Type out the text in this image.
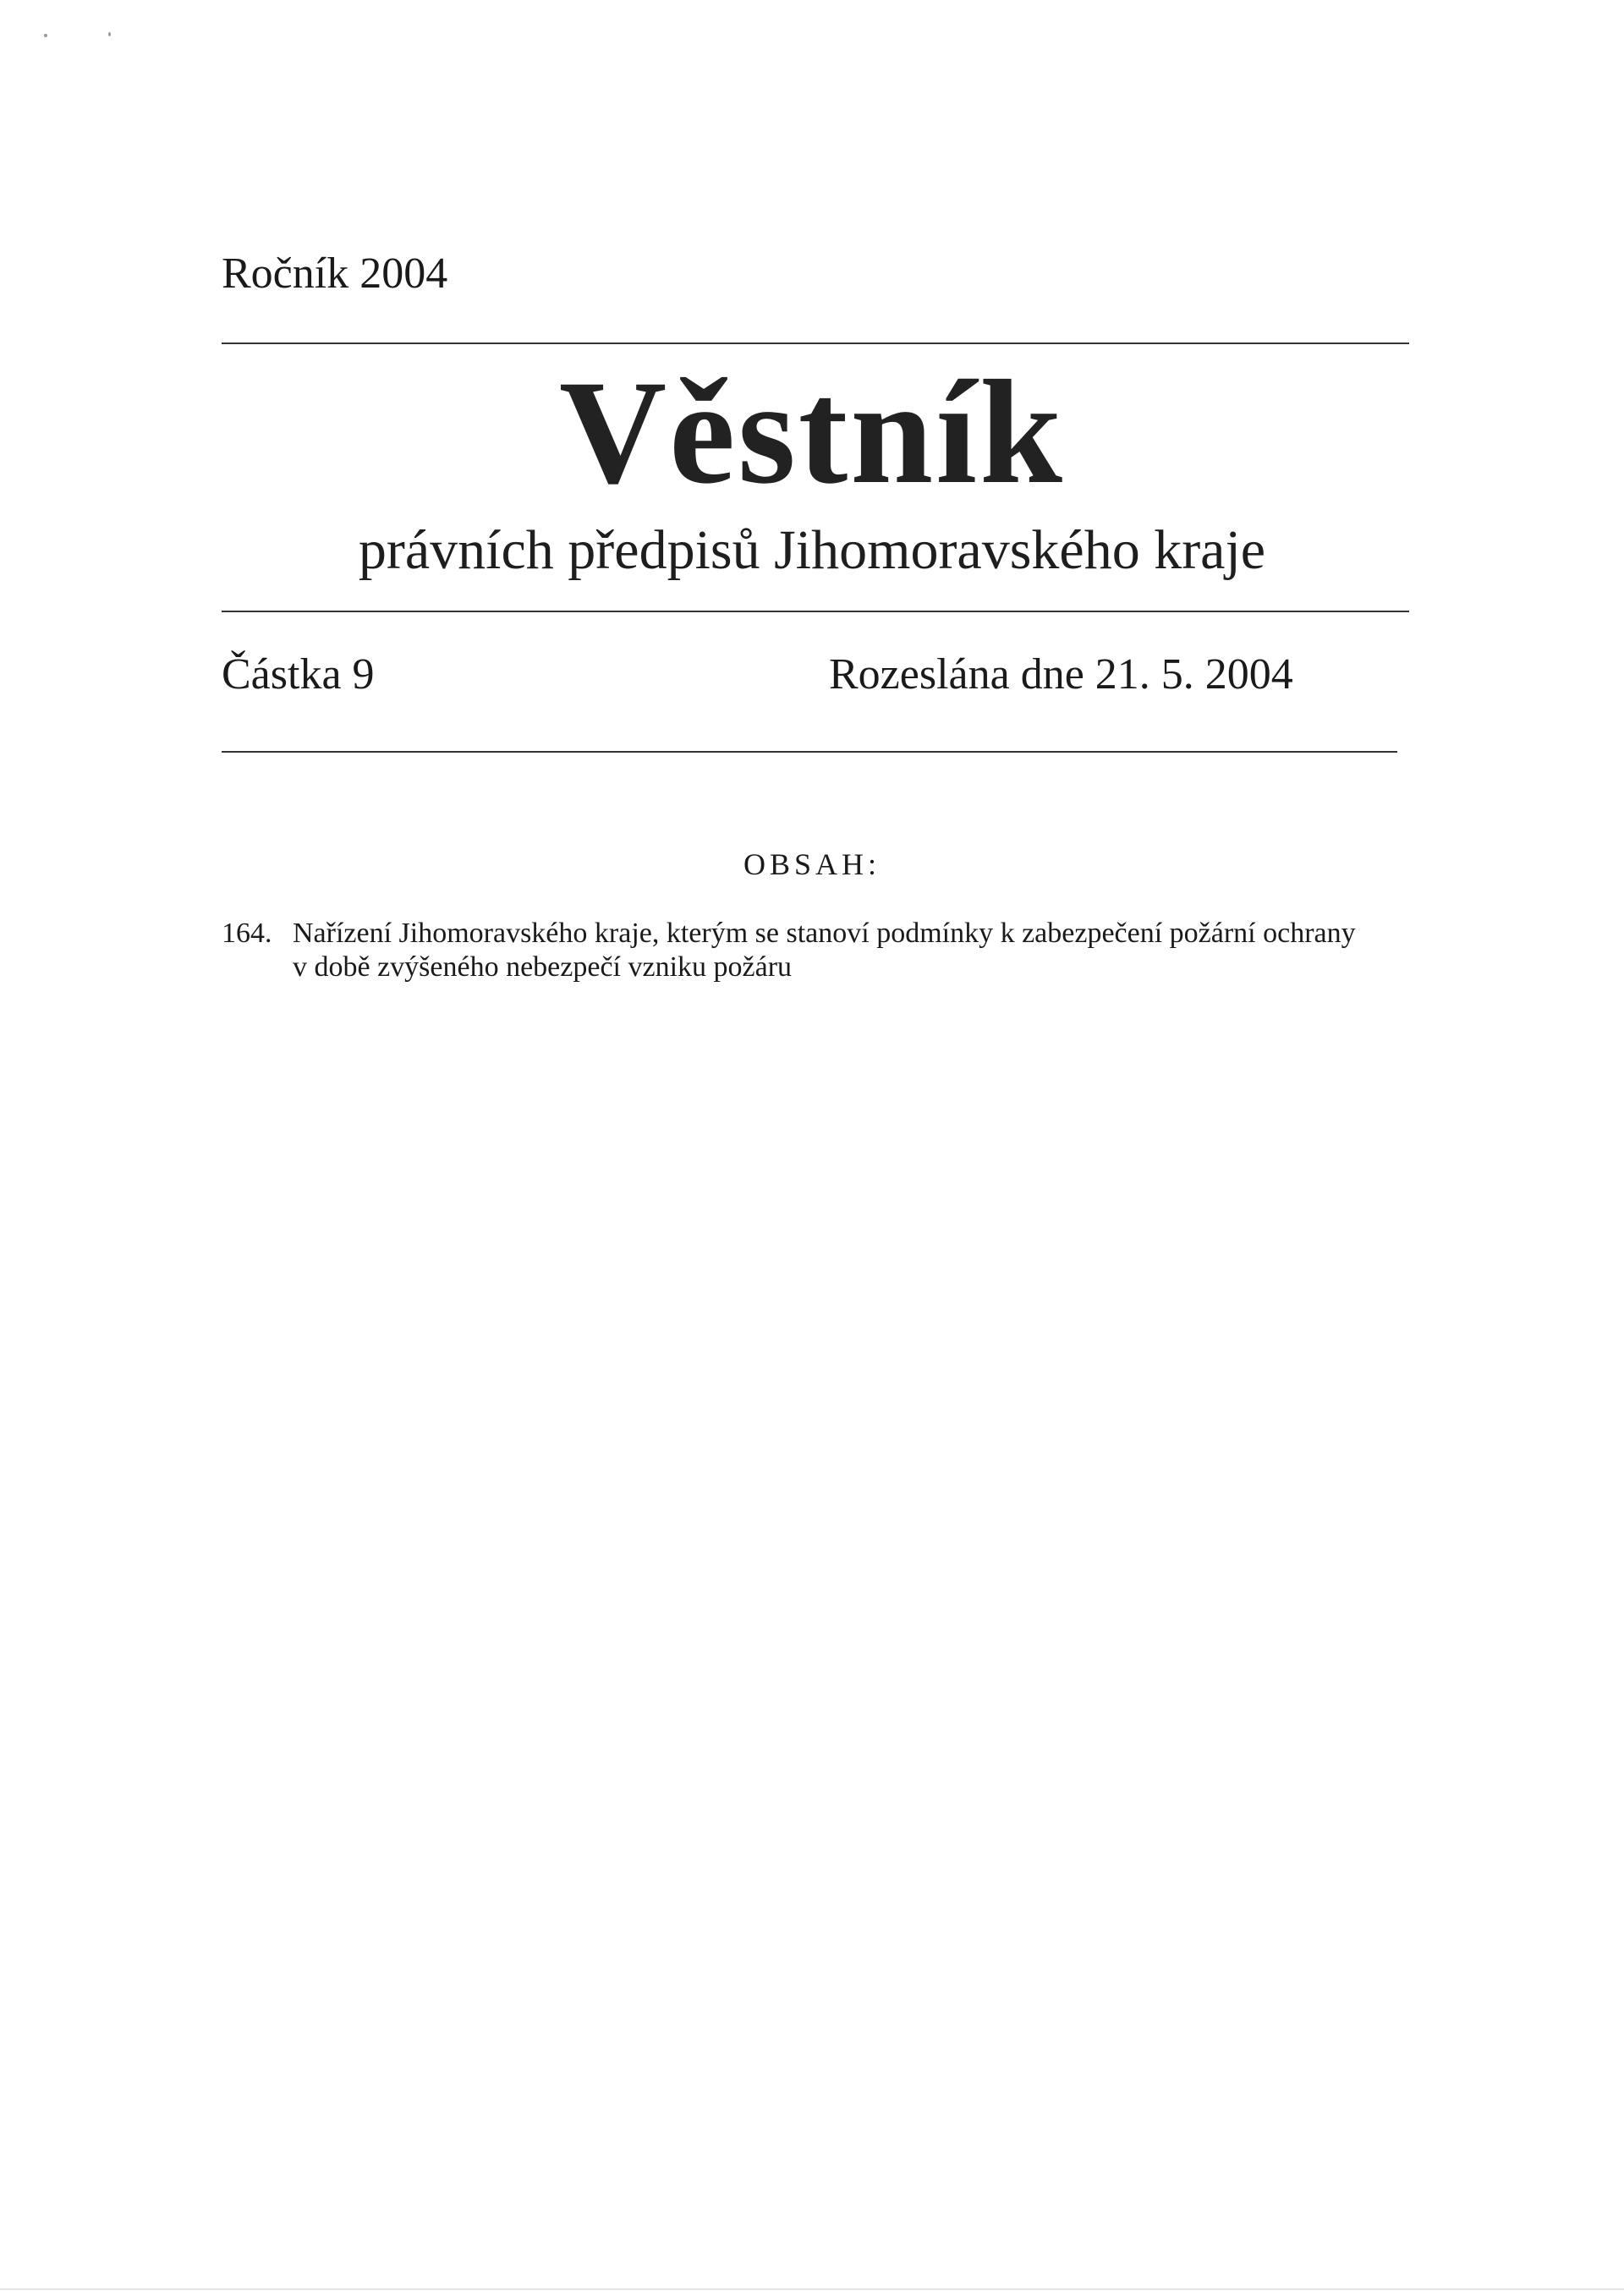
Ročník 2004
Věstník
právních předpisů Jihomoravského kraje
Částka 9	Rozeslána dne 21. 5. 2004
OBSAH:
164. Nařízení Jihomoravského kraje, kterým se stanoví podmínky k zabezpečení požární ochrany
v době zvýšeného nebezpečí vzniku požáru
